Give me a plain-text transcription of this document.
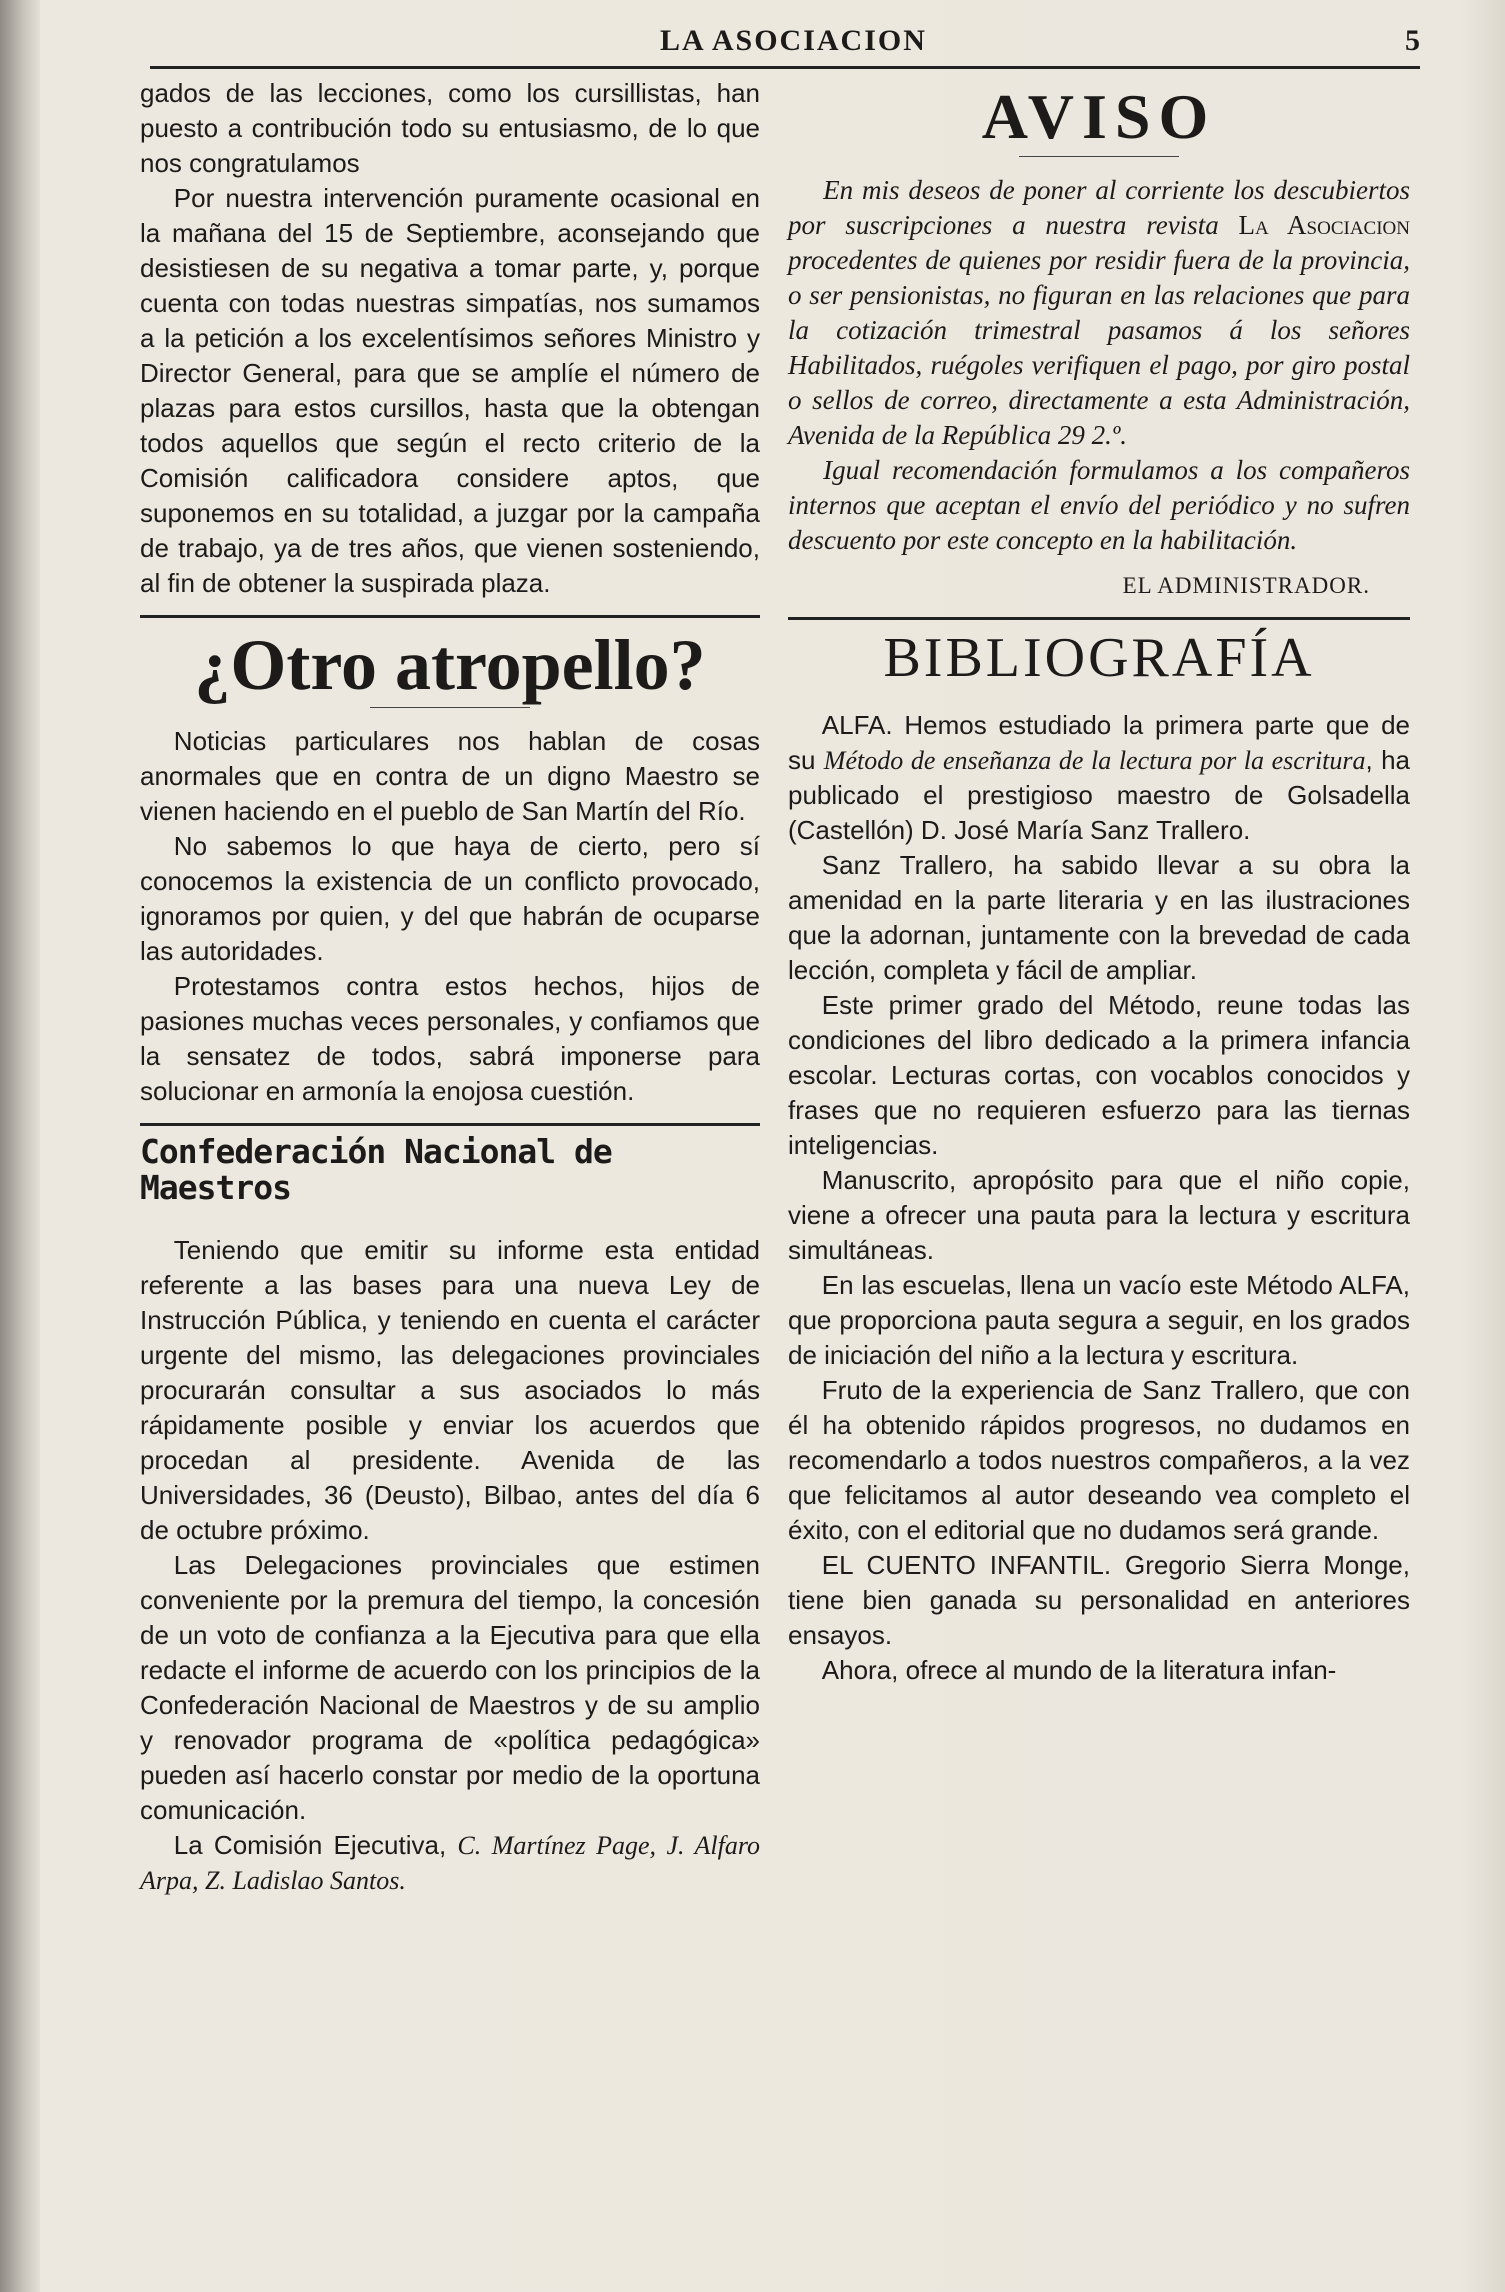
LA ASOCIACION	5

gados de las lecciones, como los cursillistas, han puesto a contribución todo su entusiasmo, de lo que nos congratulamos

Por nuestra intervención puramente ocasional en la mañana del 15 de Septiembre, aconsejando que desistiesen de su negativa a tomar parte, y, porque cuenta con todas nuestras simpatías, nos sumamos a la petición a los excelentísimos señores Ministro y Director General, para que se amplíe el número de plazas para estos cursillos, hasta que la obtengan todos aquellos que según el recto criterio de la Comisión calificadora considere aptos, que suponemos en su totalidad, a juzgar por la campaña de trabajo, ya de tres años, que vienen sosteniendo, al fin de obtener la suspirada plaza.

¿Otro atropello?

Noticias particulares nos hablan de cosas anormales que en contra de un digno Maestro se vienen haciendo en el pueblo de San Martín del Río.

No sabemos lo que haya de cierto, pero sí conocemos la existencia de un conflicto provocado, ignoramos por quien, y del que habrán de ocuparse las autoridades.

Protestamos contra estos hechos, hijos de pasiones muchas veces personales, y confiamos que la sensatez de todos, sabrá imponerse para solucionar en armonía la enojosa cuestión.

Confederación Nacional de Maestros

Teniendo que emitir su informe esta entidad referente a las bases para una nueva Ley de Instrucción Pública, y teniendo en cuenta el carácter urgente del mismo, las delegaciones provinciales procurarán consultar a sus asociados lo más rápidamente posible y enviar los acuerdos que procedan al presidente. Avenida de las Universidades, 36 (Deusto), Bilbao, antes del día 6 de octubre próximo.

Las Delegaciones provinciales que estimen conveniente por la premura del tiempo, la concesión de un voto de confianza a la Ejecutiva para que ella redacte el informe de acuerdo con los principios de la Confederación Nacional de Maestros y de su amplio y renovador programa de «política pedagógica» pueden así hacerlo constar por medio de la oportuna comunicación.

La Comisión Ejecutiva, C. Martínez Page, J. Alfaro Arpa, Z. Ladislao Santos.

AVISO

En mis deseos de poner al corriente los descubiertos por suscripciones a nuestra revista La Asociacion procedentes de quienes por residir fuera de la provincia, o ser pensionistas, no figuran en las relaciones que para la cotización trimestral pasamos á los señores Habilitados, ruégoles verifiquen el pago, por giro postal o sellos de correo, directamente a esta Administración, Avenida de la República 29 2.º.

Igual recomendación formulamos a los compañeros internos que aceptan el envío del periódico y no sufren descuento por este concepto en la habilitación.

EL ADMINISTRADOR.
BIBLIOGRAFÍA

ALFA. Hemos estudiado la primera parte que de su Método de enseñanza de la lectura por la escritura, ha publicado el prestigioso maestro de Golsadella (Castellón) D. José María Sanz Trallero.

Sanz Trallero, ha sabido llevar a su obra la amenidad en la parte literaria y en las ilustraciones que la adornan, juntamente con la brevedad de cada lección, completa y fácil de ampliar.

Este primer grado del Método, reune todas las condiciones del libro dedicado a la primera infancia escolar. Lecturas cortas, con vocablos conocidos y frases que no requieren esfuerzo para las tiernas inteligencias.

Manuscrito, apropósito para que el niño copie, viene a ofrecer una pauta para la lectura y escritura simultáneas.

En las escuelas, llena un vacío este Método ALFA, que proporciona pauta segura a seguir, en los grados de iniciación del niño a la lectura y escritura.

Fruto de la experiencia de Sanz Trallero, que con él ha obtenido rápidos progresos, no dudamos en recomendarlo a todos nuestros compañeros, a la vez que felicitamos al autor deseando vea completo el éxito, con el editorial que no dudamos será grande.

EL CUENTO INFANTIL. Gregorio Sierra Monge, tiene bien ganada su personalidad en anteriores ensayos.

Ahora, ofrece al mundo de la literatura infan-
